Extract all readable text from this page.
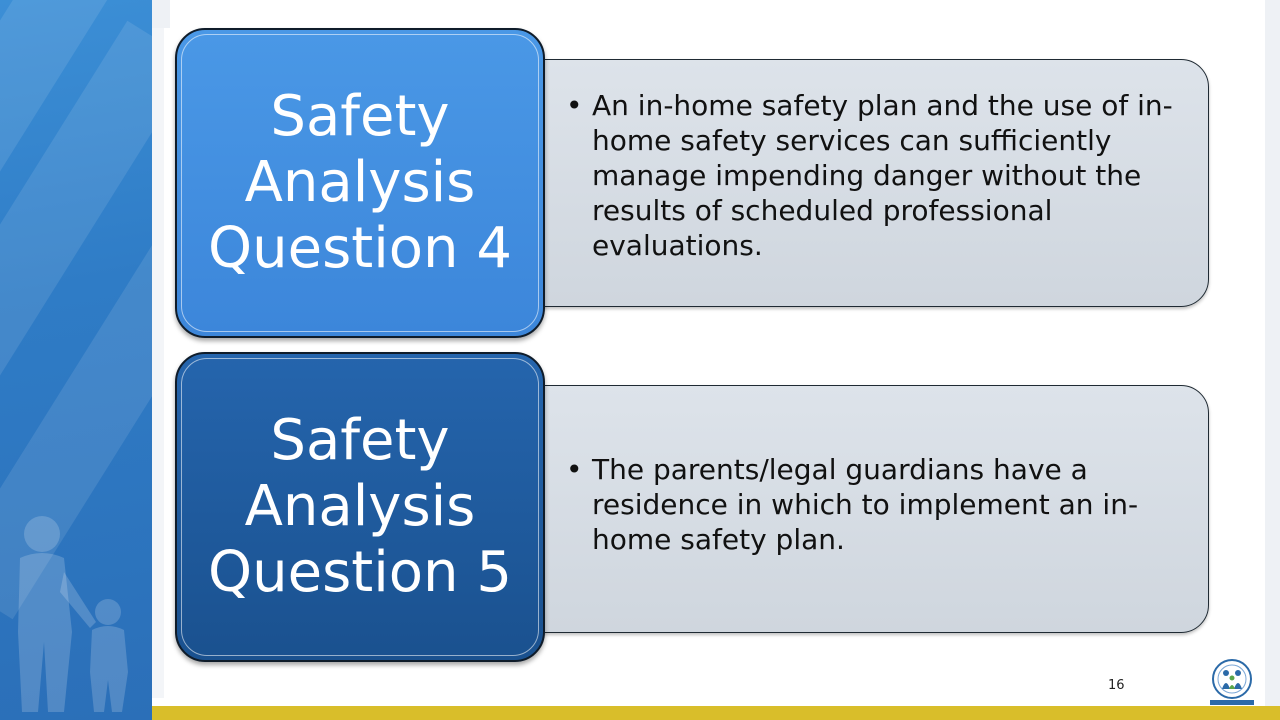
• An in-home safety plan and the use of in-home safety services can sufficiently manage impending danger without the results of scheduled professional evaluations.
Safety
Analysis
Question 4
• The parents/legal guardians have a residence in which to implement an in-home safety plan.
Safety
Analysis
Question 5
16
